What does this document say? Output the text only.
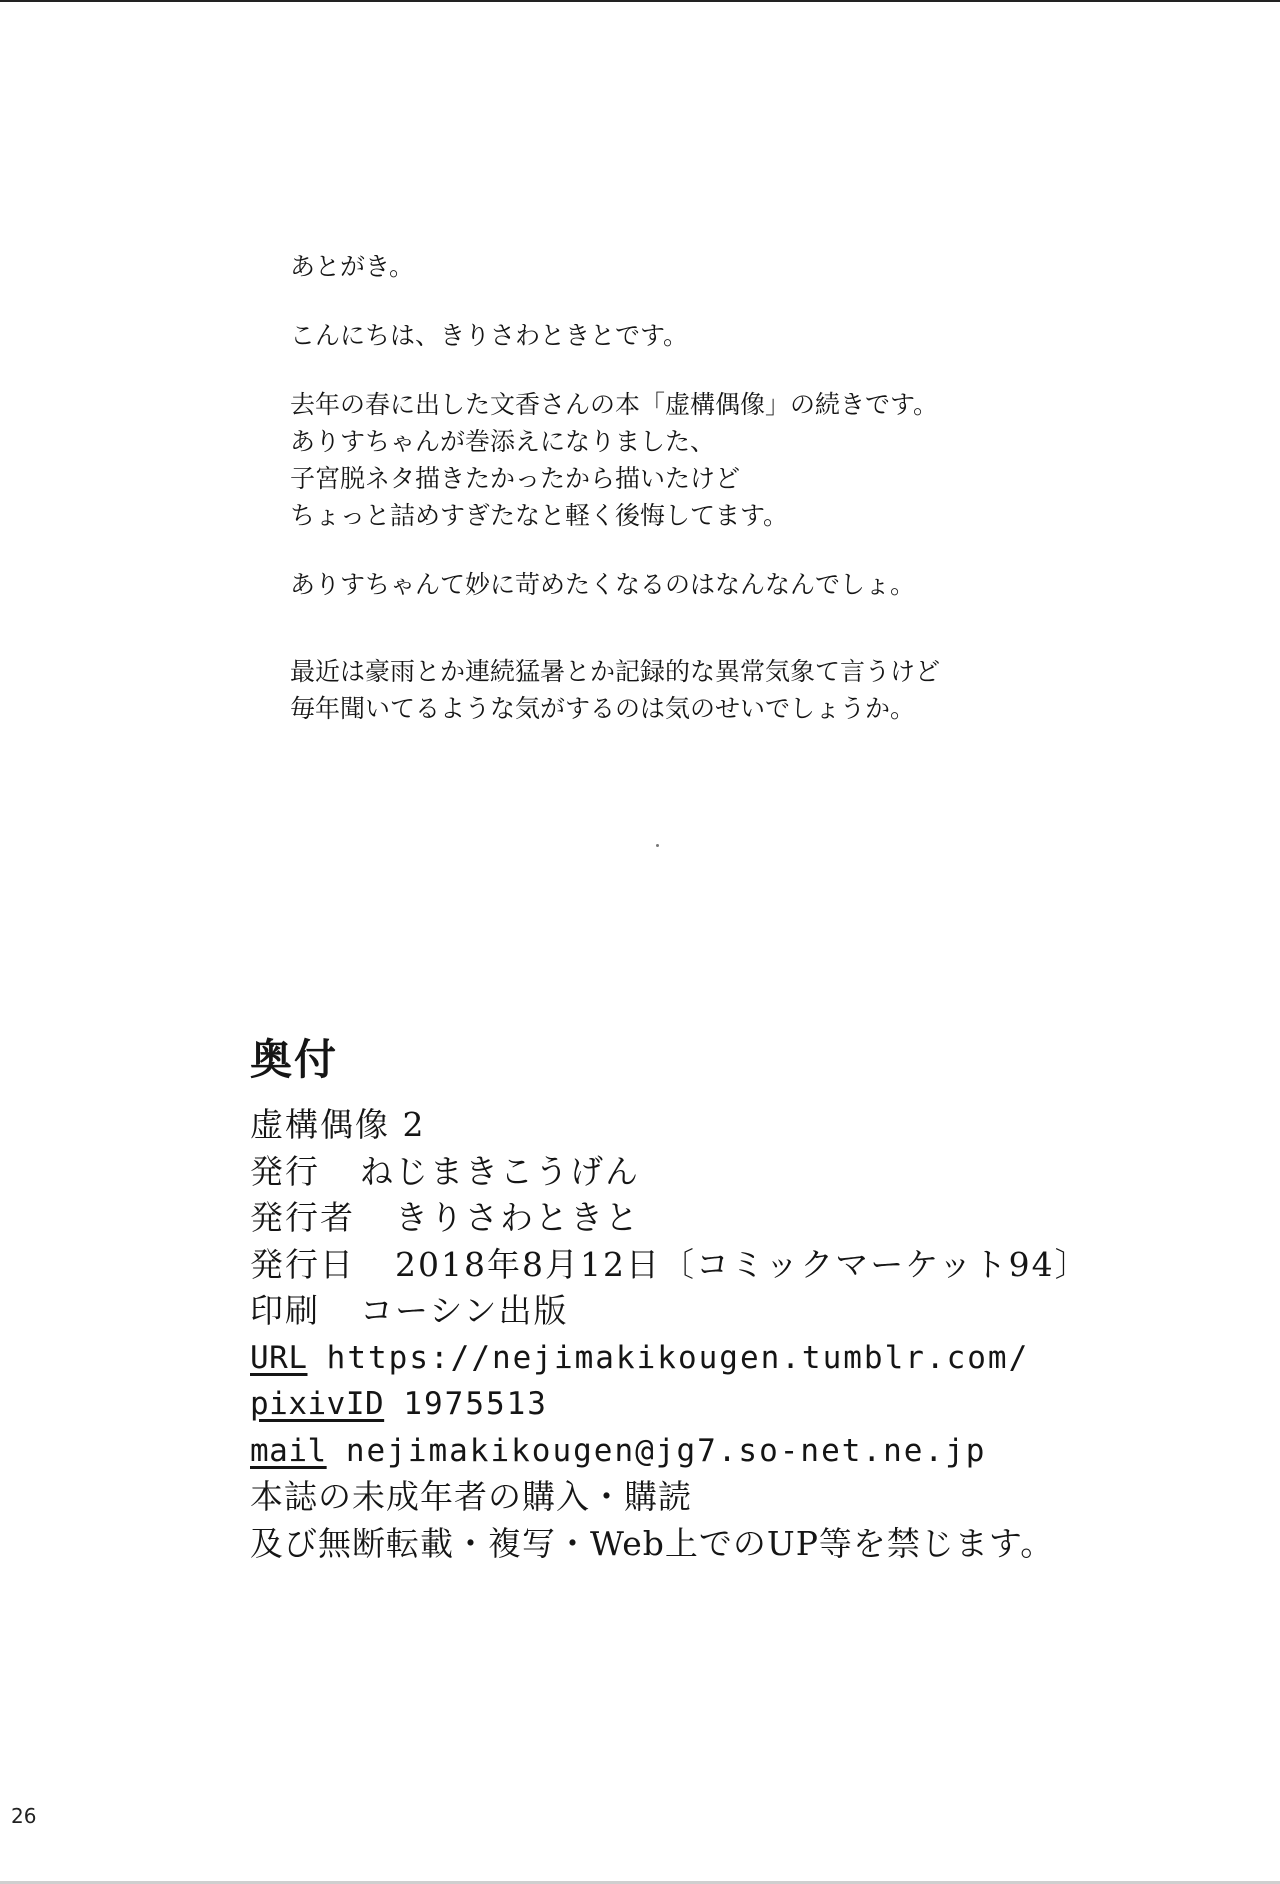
あとがき。

こんにちは、きりさわときとです。

去年の春に出した文香さんの本「虚構偶像」の続きです。
ありすちゃんが巻添えになりました、
子宮脱ネタ描きたかったから描いたけど
ちょっと詰めすぎたなと軽く後悔してます。

ありすちゃんて妙に苛めたくなるのはなんなんでしょ。

最近は豪雨とか連続猛暑とか記録的な異常気象て言うけど
毎年聞いてるような気がするのは気のせいでしょうか。

奥付
虚構偶像 2
発行 ねじまきこうげん
発行者 きりさわときと
発行日 2018年8月12日〔コミックマーケット94〕
印刷 コーシン出版
URL https://nejimakikougen.tumblr.com/
pixivID 1975513
mail nejimakikougen@jg7.so-net.ne.jp
本誌の未成年者の購入・購読
及び無断転載・複写・Web上でのUP等を禁じます。
26
